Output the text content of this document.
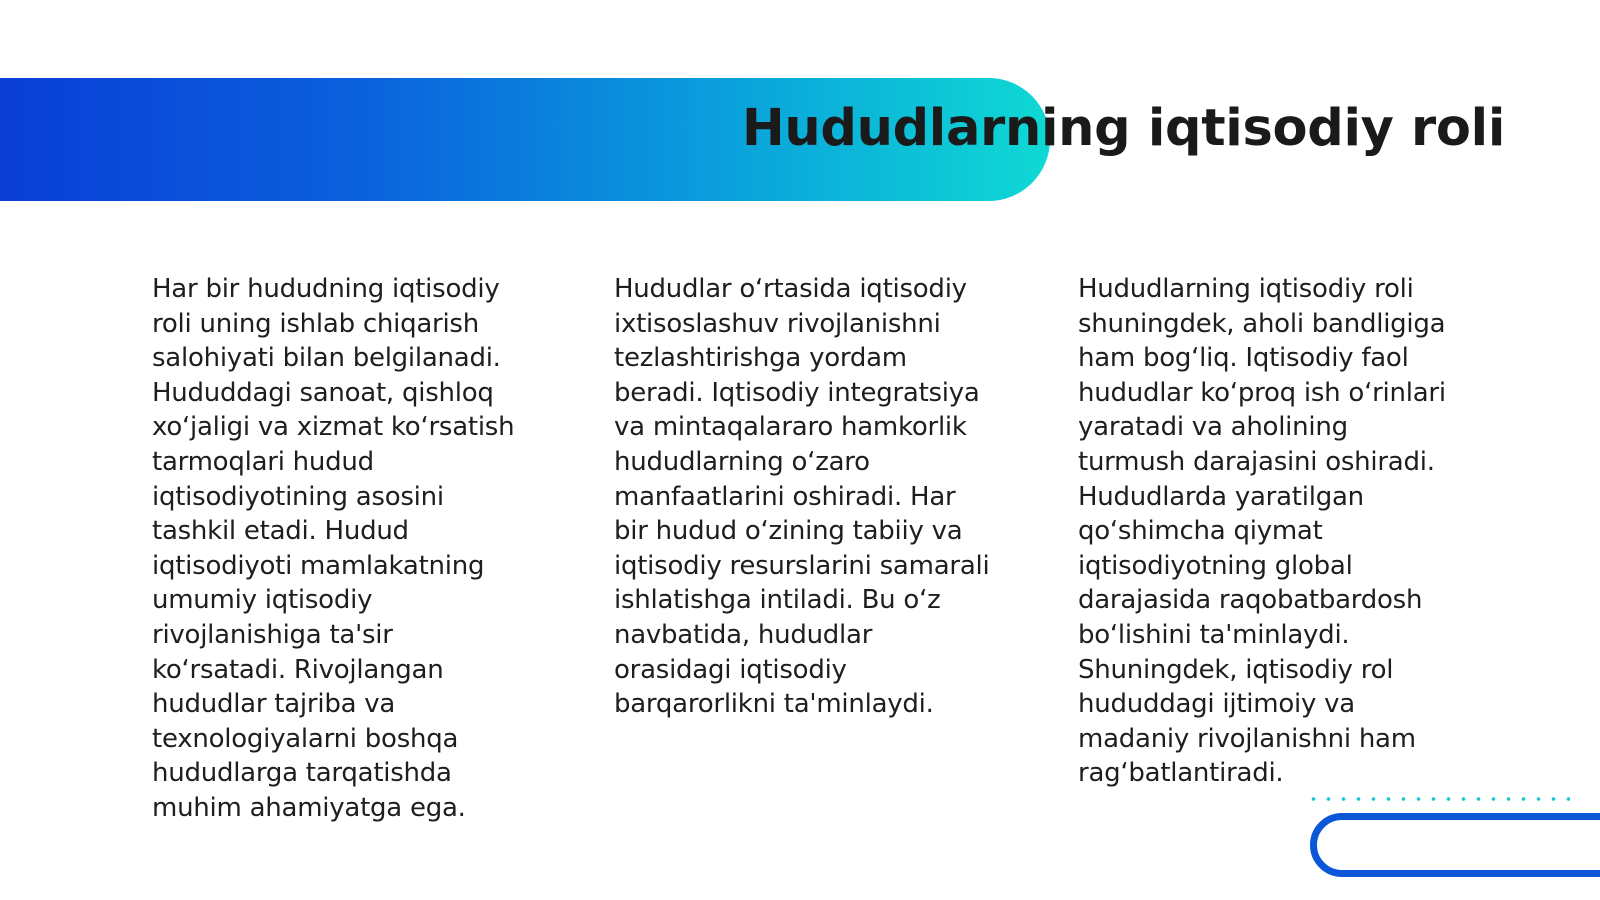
Hududlarning iqtisodiy roli

Har bir hududning iqtisodiy roli uning ishlab chiqarish salohiyati bilan belgilanadi. Hududdagi sanoat, qishloq xo‘jaligi va xizmat ko‘rsatish tarmoqlari hudud iqtisodiyotining asosini tashkil etadi. Hudud iqtisodiyoti mamlakatning umumiy iqtisodiy rivojlanishiga ta'sir ko‘rsatadi. Rivojlangan hududlar tajriba va texnologiyalarni boshqa hududlarga tarqatishda muhim ahamiyatga ega.

Hududlar o‘rtasida iqtisodiy ixtisoslashuv rivojlanishni tezlashtirishga yordam beradi. Iqtisodiy integratsiya va mintaqalararo hamkorlik hududlarning o‘zaro manfaatlarini oshiradi. Har bir hudud o‘zining tabiiy va iqtisodiy resurslarini samarali ishlatishga intiladi. Bu o‘z navbatida, hududlar orasidagi iqtisodiy barqarorlikni ta'minlaydi.

Hududlarning iqtisodiy roli shuningdek, aholi bandligiga ham bog‘liq. Iqtisodiy faol hududlar ko‘proq ish o‘rinlari yaratadi va aholining turmush darajasini oshiradi. Hududlarda yaratilgan qo‘shimcha qiymat iqtisodiyotning global darajasida raqobatbardosh bo‘lishini ta'minlaydi. Shuningdek, iqtisodiy rol hududdagi ijtimoiy va madaniy rivojlanishni ham rag‘batlantiradi.
